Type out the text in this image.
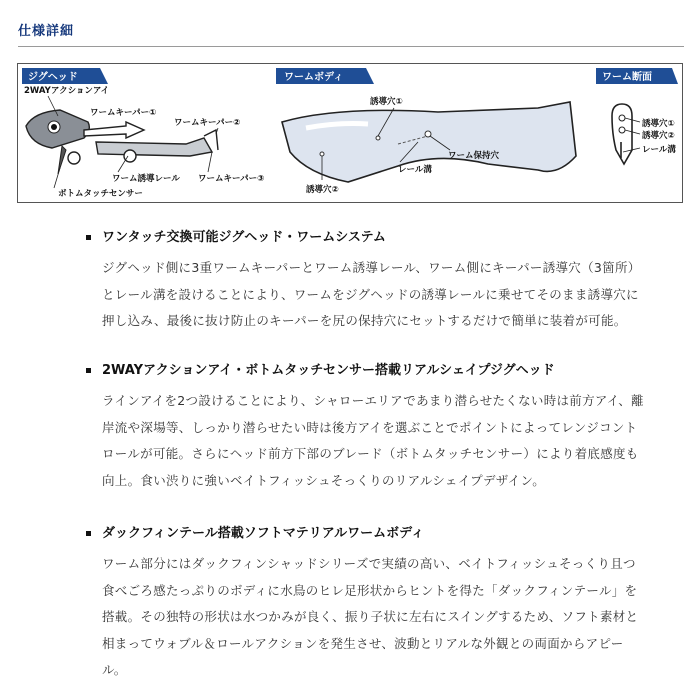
仕様詳細
ジグヘッド	ワームボディ	ワーム断面
2WAYアクションアイ
ワームキーパー①
ワームキーパー②
ワーム誘導レール ワームキーパー③
ボトムタッチセンサー
誘導穴①
誘導穴②
レール溝
ワーム保持穴
誘導穴①
誘導穴②
レール溝
ワンタッチ交換可能ジグヘッド・ワームシステム

ジグヘッド側に3重ワームキーパーとワーム誘導レール、ワーム側にキーパー誘導穴（3箇所）とレール溝を設けることにより、ワームをジグヘッドの誘導レールに乗せてそのまま誘導穴に押し込み、最後に抜け防止のキーパーを尻の保持穴にセットするだけで簡単に装着が可能。

2WAYアクションアイ・ボトムタッチセンサー搭載リアルシェイプジグヘッド

ラインアイを2つ設けることにより、シャローエリアであまり潜らせたくない時は前方アイ、離岸流や深場等、しっかり潜らせたい時は後方アイを選ぶことでポイントによってレンジコントロールが可能。さらにヘッド前方下部のブレード（ボトムタッチセンサー）により着底感度も向上。食い渋りに強いベイトフィッシュそっくりのリアルシェイプデザイン。

ダックフィンテール搭載ソフトマテリアルワームボディ

ワーム部分にはダックフィンシャッドシリーズで実績の高い、ベイトフィッシュそっくり且つ食べごろ感たっぷりのボディに水鳥のヒレ足形状からヒントを得た「ダックフィンテール」を搭載。その独特の形状は水つかみが良く、振り子状に左右にスイングするため、ソフト素材と相まってウォブル＆ロールアクションを発生させ、波動とリアルな外観との両面からアピール。
